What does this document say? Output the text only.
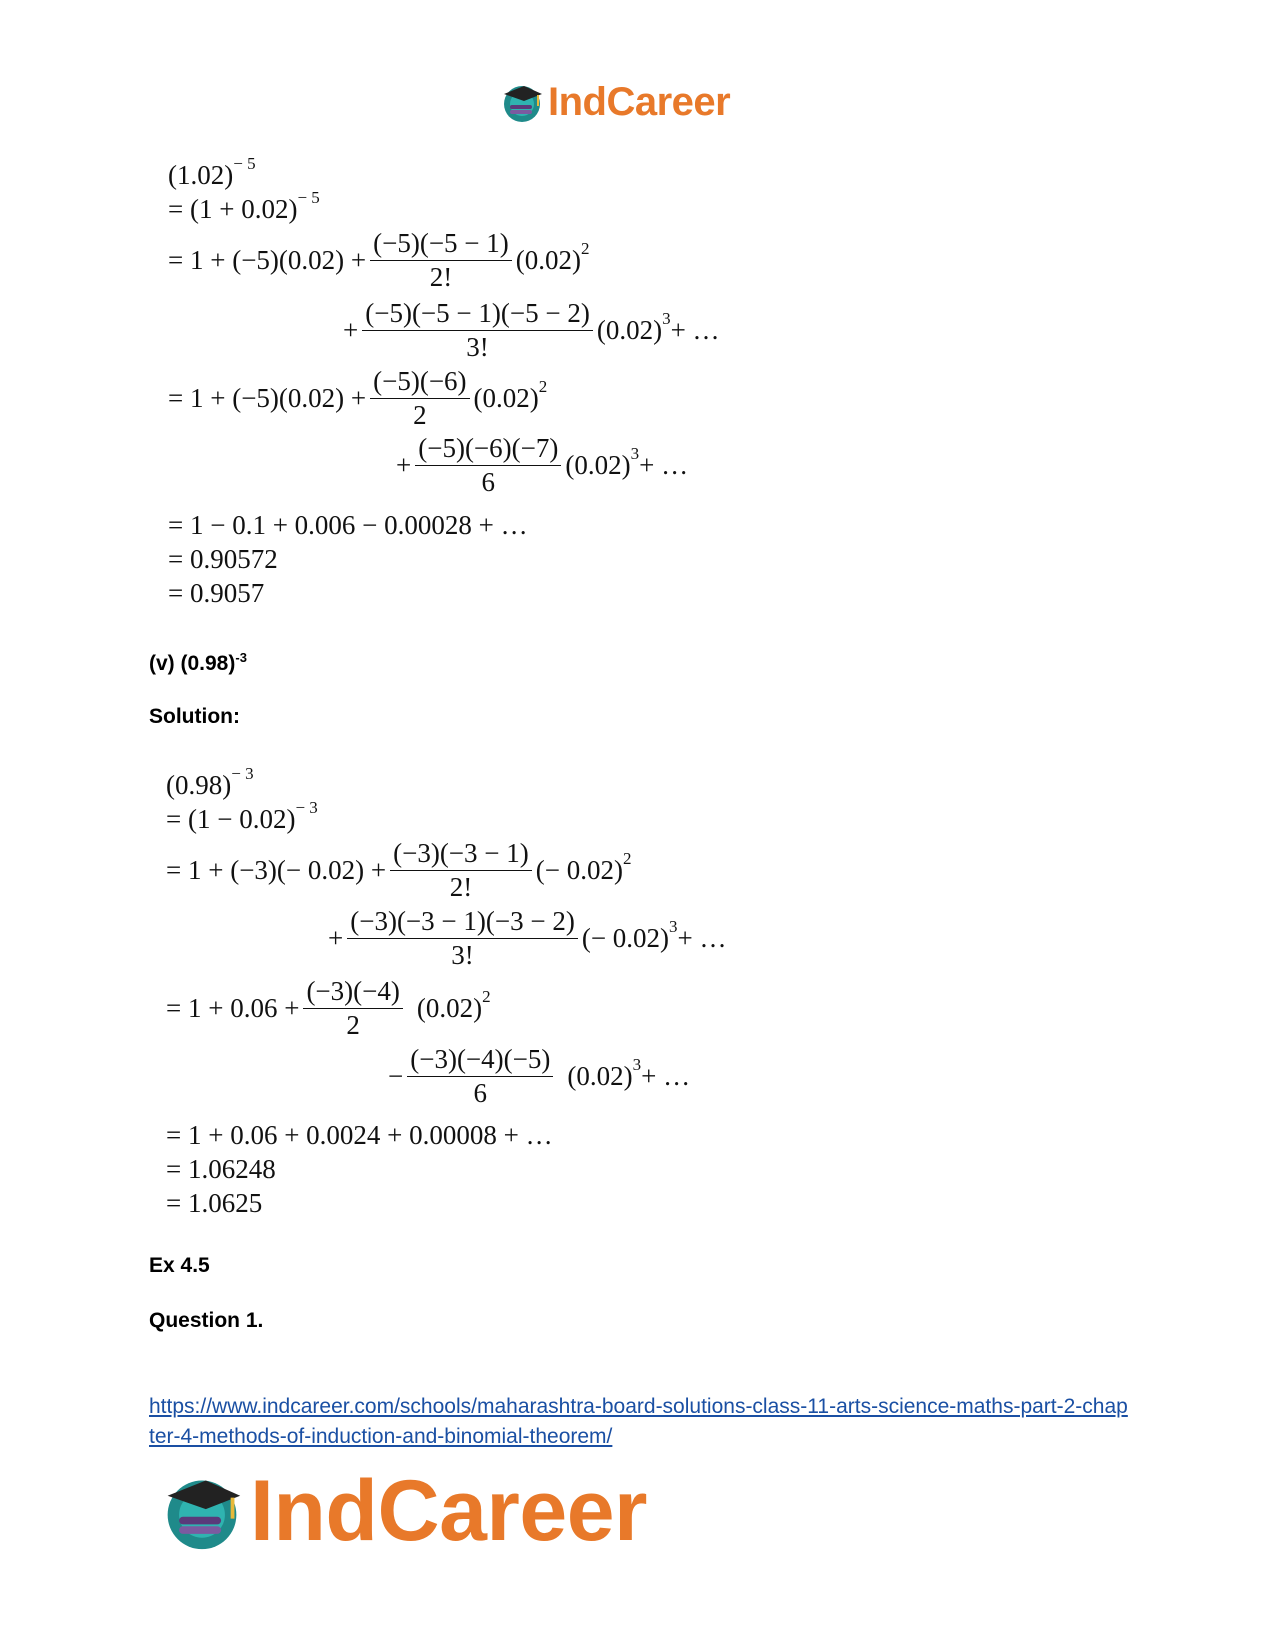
IndCareer
$(1.02)^{- 5}$
= $(1 + 0.02)^{- 5}$
= $1 + (-5)(0.02) + \frac{(-5)(-5 - 1)}{2!} (0.02)^2$
+ $\frac{(-5)(-5 - 1)(-5 - 2)}{3!} (0.02)^3$ + …
= $1 + (-5)(0.02) + \frac{(-5)(-6)}{2} (0.02)^2$
+ $\frac{(-5)(-6)(-7)}{6} (0.02)^3$ + …
= 1 − 0.1 + 0.006 − 0.00028 + …
= 0.90572
= 0.9057
(v) $(0.98)^{-3}$
Solution:
$(0.98)^{- 3}$
= $(1 - 0.02)^{- 3}$
= $1 + (-3)(- 0.02) + \frac{(-3)(-3 - 1)}{2!}$ (− 0.02)$^2$
+ $\frac{(-3)(-3 - 1)(-3 - 2)}{3!}$ (− 0.02)$^3$ + …
= $1 + 0.06 + \frac{(-3)(-4)}{2} (0.02)^2$
− $\frac{(-3)(-4)(-5)}{6} (0.02)^3$ + …
= 1 + 0.06 + 0.0024 + 0.00008 + …
= 1.06248
= 1.0625
Ex 4.5
Question 1.
https://www.indcareer.com/schools/maharashtra-board-solutions-class-11-arts-science-maths-part-2-chapter-4-methods-of-induction-and-binomial-theorem/
IndCareer
